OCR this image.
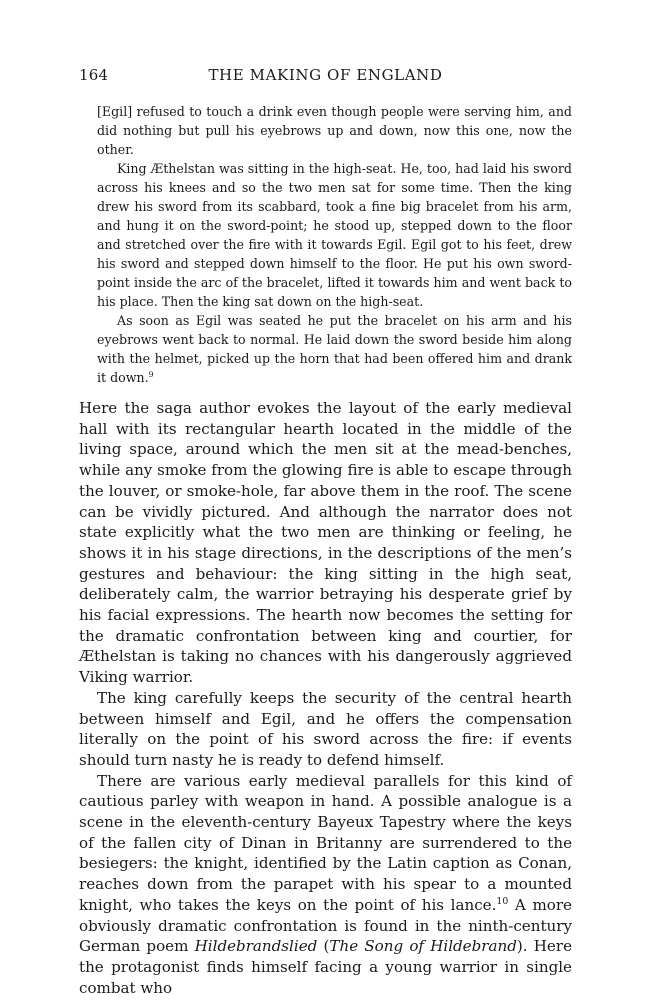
164	THE MAKING OF ENGLAND

[Egil] refused to touch a drink even though people were serving him, and did nothing but pull his eyebrows up and down, now this one, now the other.

King Æthelstan was sitting in the high-seat. He, too, had laid his sword across his knees and so the two men sat for some time. Then the king drew his sword from its scabbard, took a fine big bracelet from his arm, and hung it on the sword-point; he stood up, stepped down to the floor and stretched over the fire with it towards Egil. Egil got to his feet, drew his sword and stepped down himself to the floor. He put his own sword-point inside the arc of the bracelet, lifted it towards him and went back to his place. Then the king sat down on the high-seat.

As soon as Egil was seated he put the bracelet on his arm and his eyebrows went back to normal. He laid down the sword beside him along with the helmet, picked up the horn that had been offered him and drank it down.$^9$

Here the saga author evokes the layout of the early medieval hall with its rectangular hearth located in the middle of the living space, around which the men sit at the mead-benches, while any smoke from the glowing fire is able to escape through the louver, or smoke-hole, far above them in the roof. The scene can be vividly pictured. And although the narrator does not state explicitly what the two men are thinking or feeling, he shows it in his stage directions, in the descriptions of the men’s gestures and behaviour: the king sitting in the high seat, deliberately calm, the warrior betraying his desperate grief by his facial expressions. The hearth now becomes the setting for the dramatic confrontation between king and courtier, for Æthelstan is taking no chances with his dangerously aggrieved Viking warrior.

The king carefully keeps the security of the central hearth between himself and Egil, and he offers the compensation literally on the point of his sword across the fire: if events should turn nasty he is ready to defend himself.

There are various early medieval parallels for this kind of cautious parley with weapon in hand. A possible analogue is a scene in the eleventh-century Bayeux Tapestry where the keys of the fallen city of Dinan in Britanny are surrendered to the besiegers: the knight, identified by the Latin caption as Conan, reaches down from the parapet with his spear to a mounted knight, who takes the keys on the point of his lance.$^{10}$ A more obviously dramatic confrontation is found in the ninth-century German poem Hildebrandslied (The Song of Hildebrand). Here the protagonist finds himself facing a young warrior in single combat who
